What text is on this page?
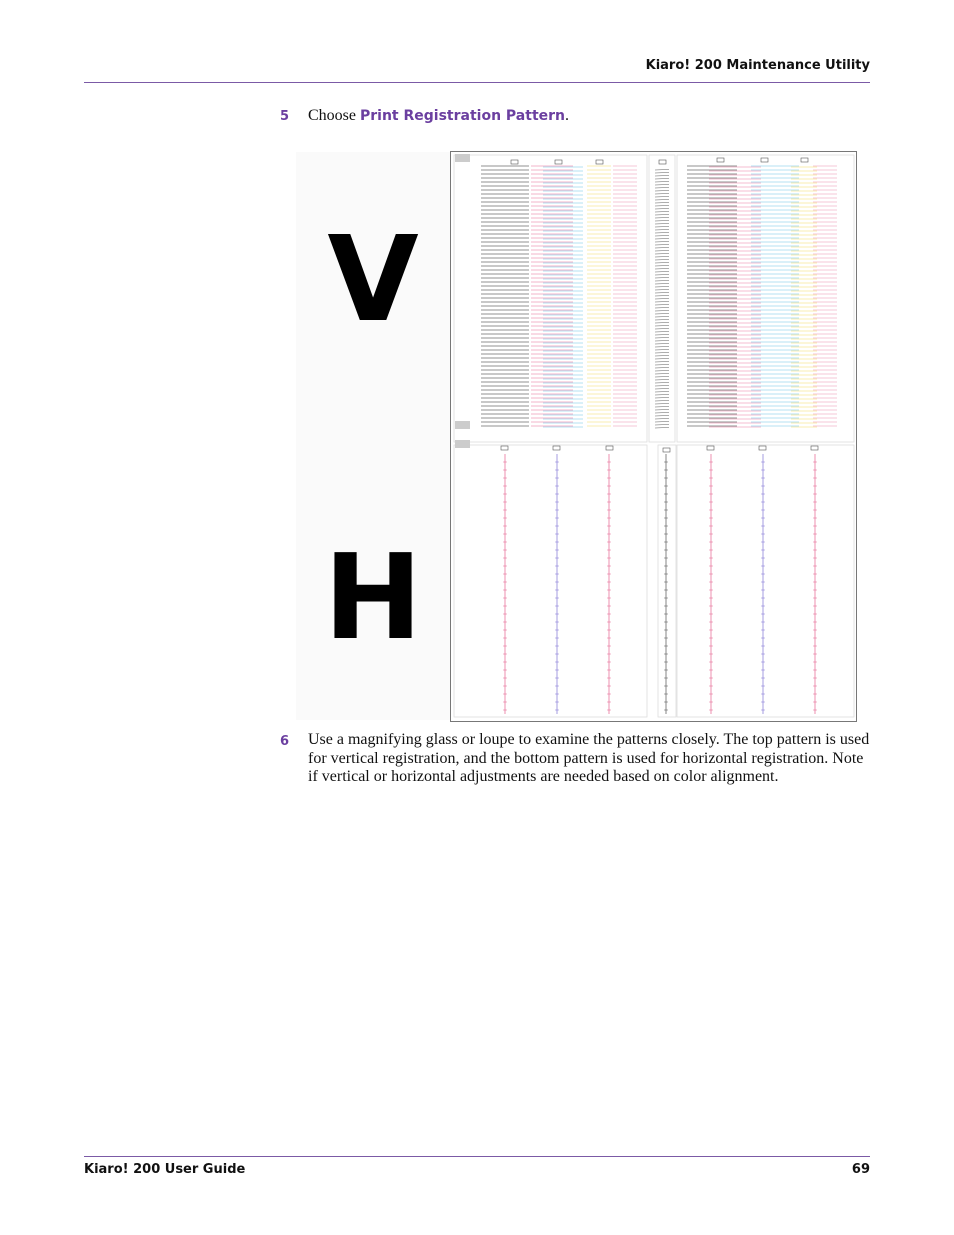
Kiaro! 200 Maintenance Utility
5 Choose Print Registration Pattern.
V
H
6 Use a magnifying glass or loupe to examine the patterns closely. The top pattern is used for vertical registration, and the bottom pattern is used for horizontal registration. Note if vertical or horizontal adjustments are needed based on color alignment.
Kiaro! 200 User Guide	69
